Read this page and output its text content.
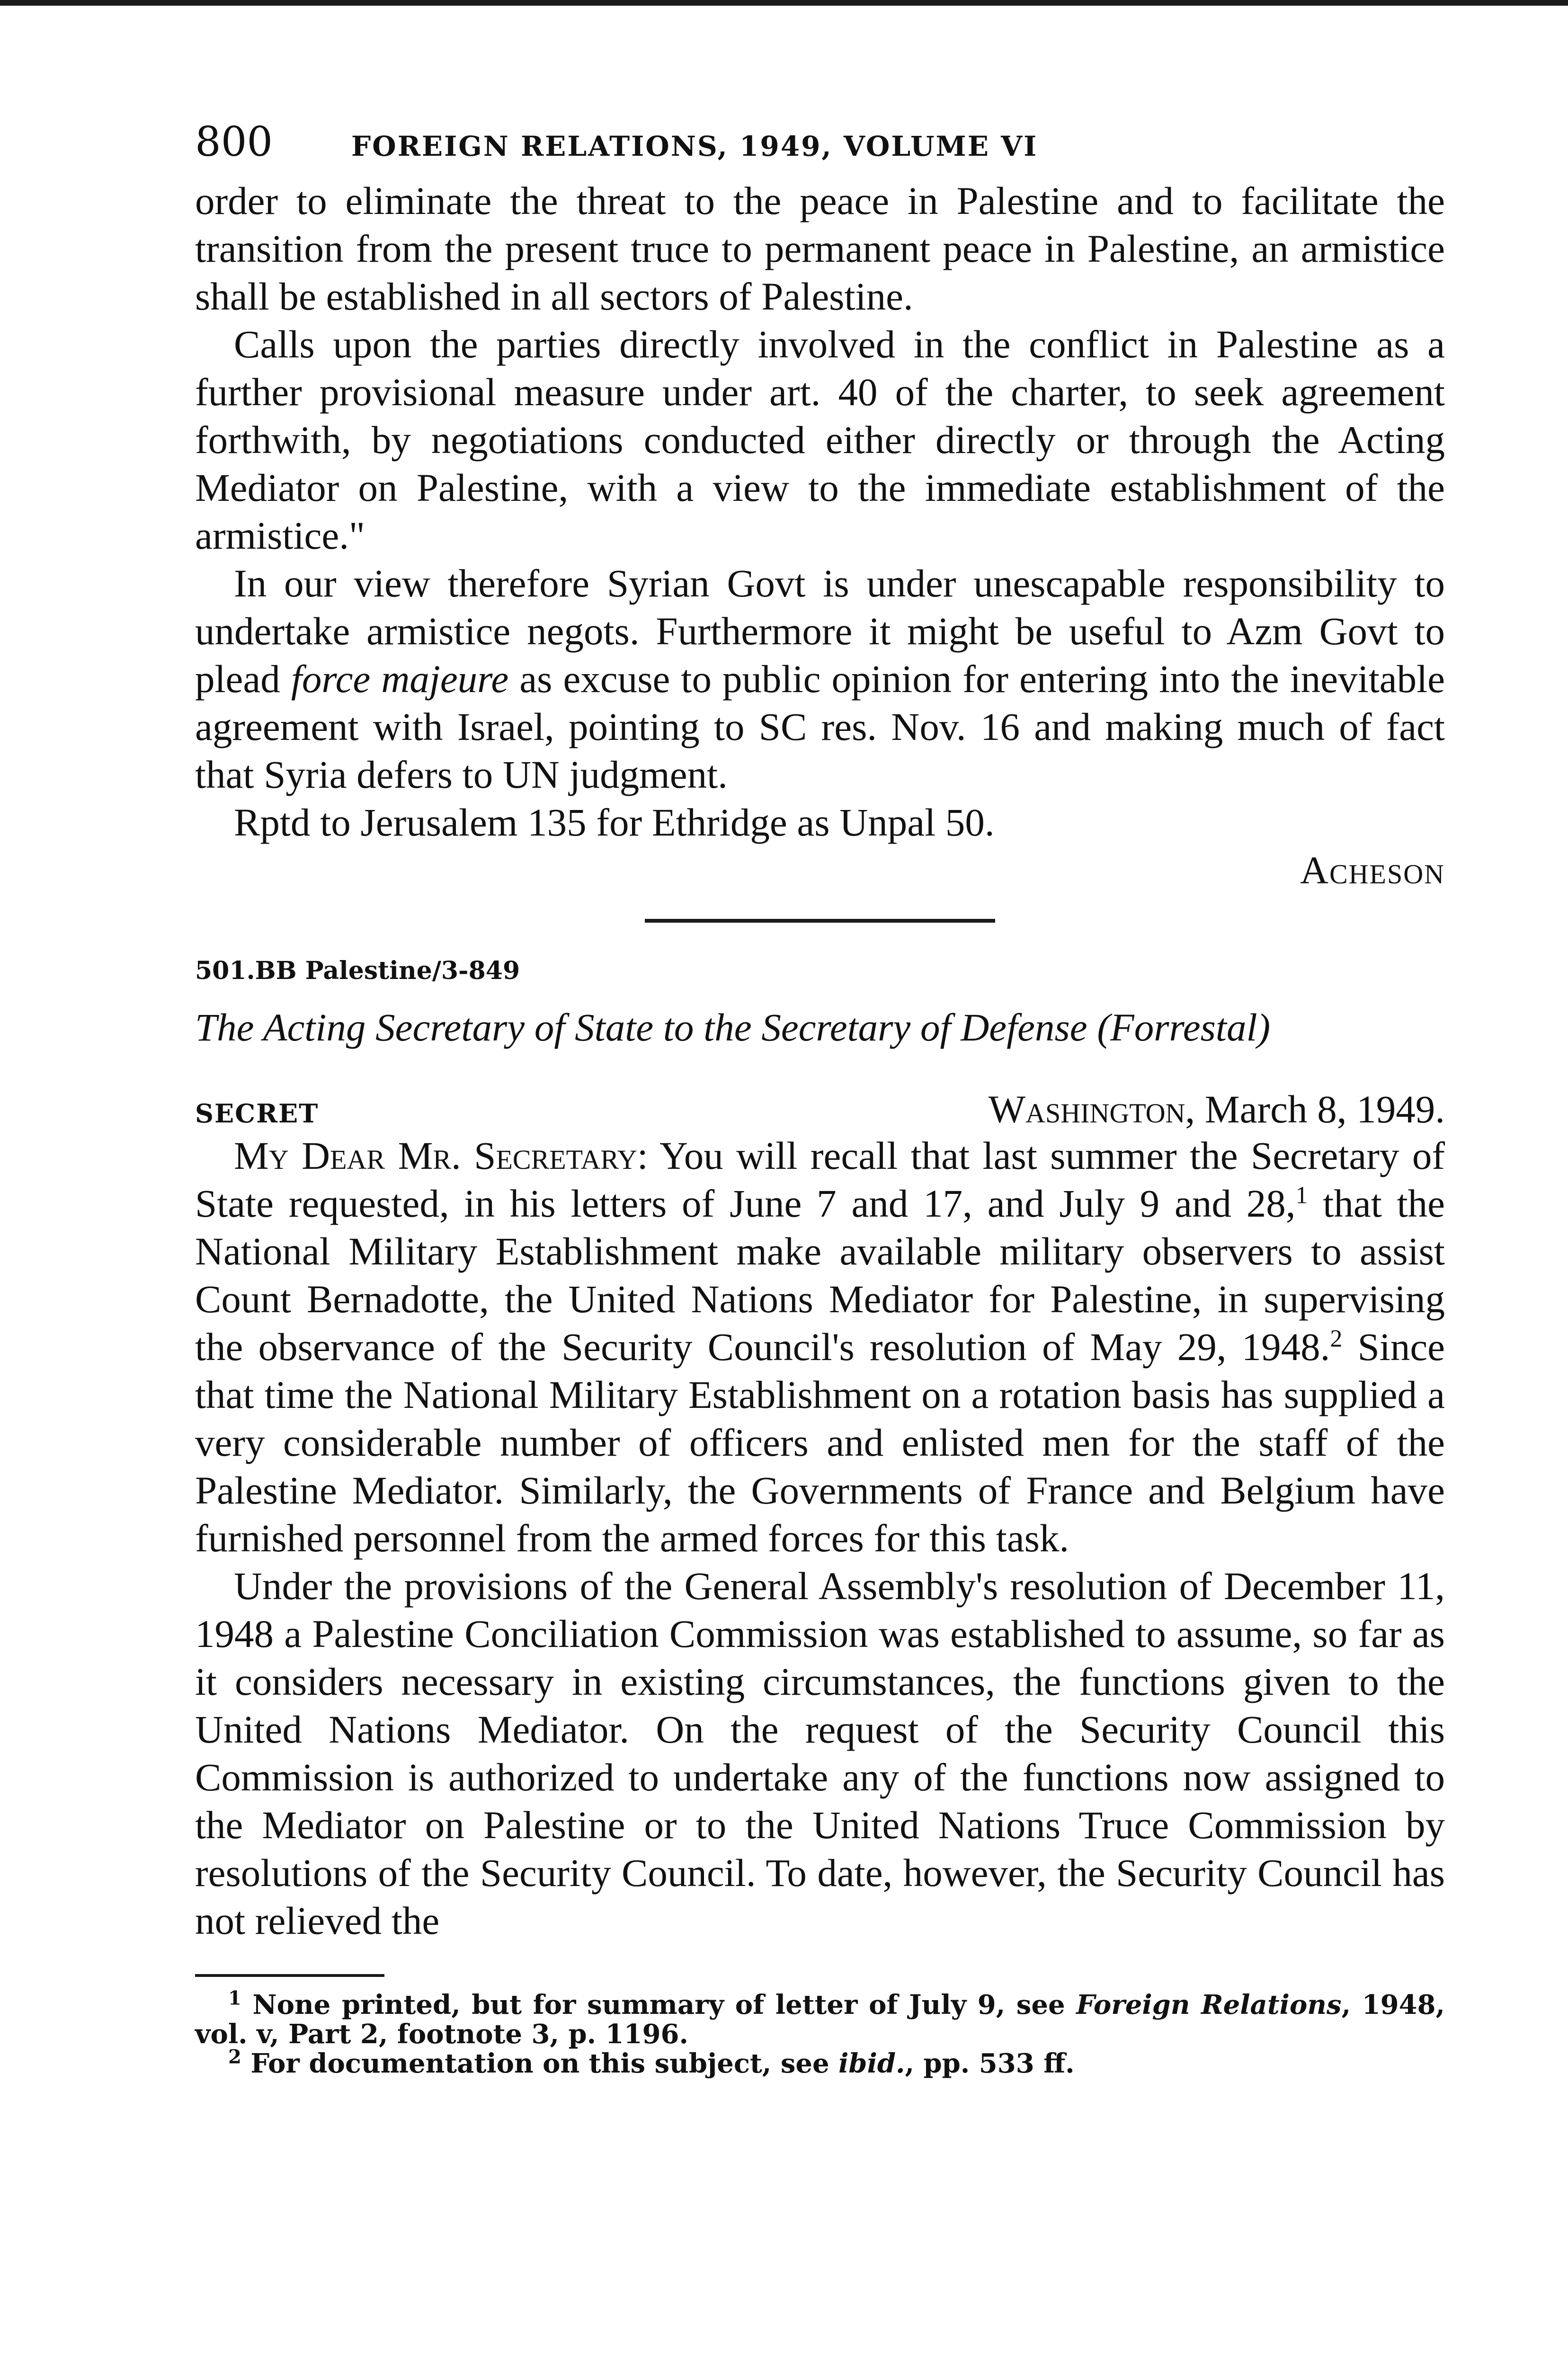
800	FOREIGN RELATIONS, 1949, VOLUME VI

order to eliminate the threat to the peace in Palestine and to facilitate the transition from the present truce to permanent peace in Palestine, an armistice shall be established in all sectors of Palestine.

Calls upon the parties directly involved in the conflict in Palestine as a further provisional measure under art. 40 of the charter, to seek agreement forthwith, by negotiations conducted either directly or through the Acting Mediator on Palestine, with a view to the immediate establishment of the armistice."

In our view therefore Syrian Govt is under unescapable responsibility to undertake armistice negots. Furthermore it might be useful to Azm Govt to plead force majeure as excuse to public opinion for entering into the inevitable agreement with Israel, pointing to SC res. Nov. 16 and making much of fact that Syria defers to UN judgment.

Rptd to Jerusalem 135 for Ethridge as Unpal 50.

Acheson

501.BB Palestine/3-849
The Acting Secretary of State to the Secretary of Defense (Forrestal)
SECRET	Washington, March 8, 1949.

My Dear Mr. Secretary: You will recall that last summer the Secretary of State requested, in his letters of June 7 and 17, and July 9 and 28,$^1$ that the National Military Establishment make available military observers to assist Count Bernadotte, the United Nations Mediator for Palestine, in supervising the observance of the Security Council's resolution of May 29, 1948.$^2$ Since that time the National Military Establishment on a rotation basis has supplied a very considerable number of officers and enlisted men for the staff of the Palestine Mediator. Similarly, the Governments of France and Belgium have furnished personnel from the armed forces for this task.

Under the provisions of the General Assembly's resolution of December 11, 1948 a Palestine Conciliation Commission was established to assume, so far as it considers necessary in existing circumstances, the functions given to the United Nations Mediator. On the request of the Security Council this Commission is authorized to undertake any of the functions now assigned to the Mediator on Palestine or to the United Nations Truce Commission by resolutions of the Security Council. To date, however, the Security Council has not relieved the

$^1$ None printed, but for summary of letter of July 9, see Foreign Relations, 1948, vol. v, Part 2, footnote 3, p. 1196.

$^2$ For documentation on this subject, see ibid., pp. 533 ff.
